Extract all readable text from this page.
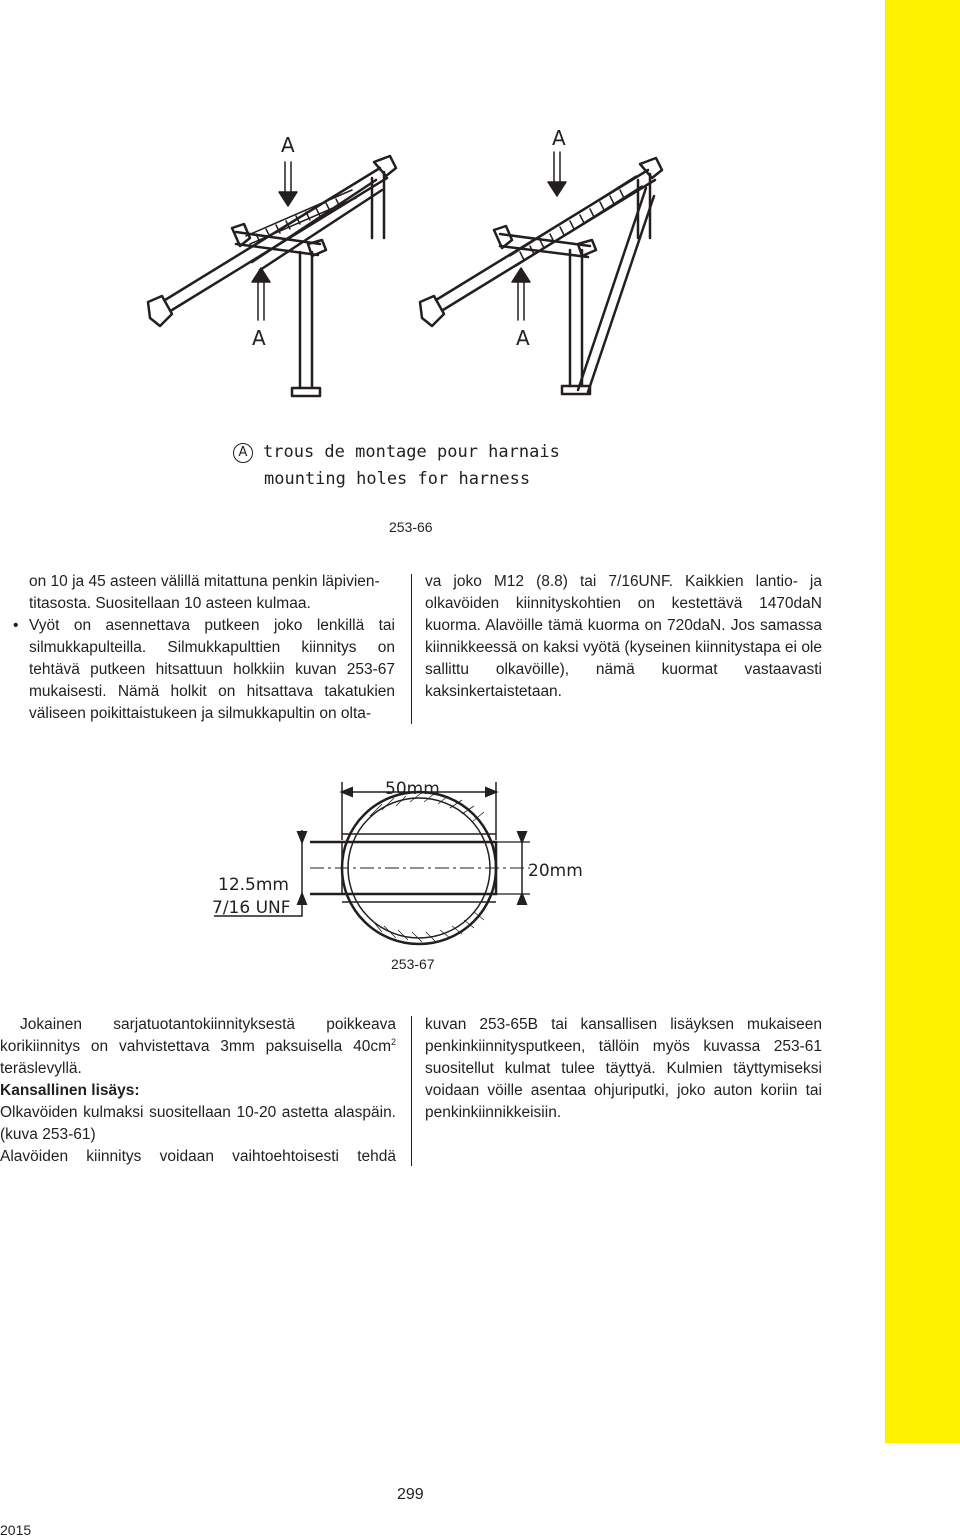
A
A
A
A
A trous de montage pour harnais
mounting holes for harness
253-66

on 10 ja 45 asteen välillä mitattuna penkin läpivien-

titasosta. Suositellaan 10 asteen kulmaa.

• Vyöt on asennettava putkeen joko lenkillä tai silmukkapulteilla. Silmukkapulttien kiinnitys on tehtävä putkeen hitsattuun holkkiin kuvan 253-67 mukaisesti. Nämä holkit on hitsattava takatukien väliseen poikittaistukeen ja silmukkapultin on olta-

va joko M12 (8.8) tai 7/16UNF. Kaikkien lantio- ja olkavöiden kiinnityskohtien on kestettävä 1470daN kuorma. Alavöille tämä kuorma on 720daN. Jos samassa kiinnikkeessä on kaksi vyötä (kyseinen kiinnitystapa ei ole sallittu olkavöille), nämä kuormat vastaavasti kaksinkertaistetaan.

50mm
20mm
12.5mm
7/16 UNF
253-67

Jokainen sarjatuotantokiinnityksestä poikkeava korikiinnitys on vahvistettava 3mm paksuisella $40cm^2$ teräslevyllä.

Kansallinen lisäys:

Olkavöiden kulmaksi suositellaan 10-20 astetta alaspäin. (kuva 253-61)

Alavöiden kiinnitys voidaan vaihtoehtoisesti tehdä

kuvan 253-65B tai kansallisen lisäyksen mukaiseen penkinkiinnitysputkeen, tällöin myös kuvassa 253-61 suositellut kulmat tulee täyttyä. Kulmien täyttymiseksi voidaan vöille asentaa ohjuriputki, joko auton koriin tai penkinkiinnikkeisiin.

299
2015
